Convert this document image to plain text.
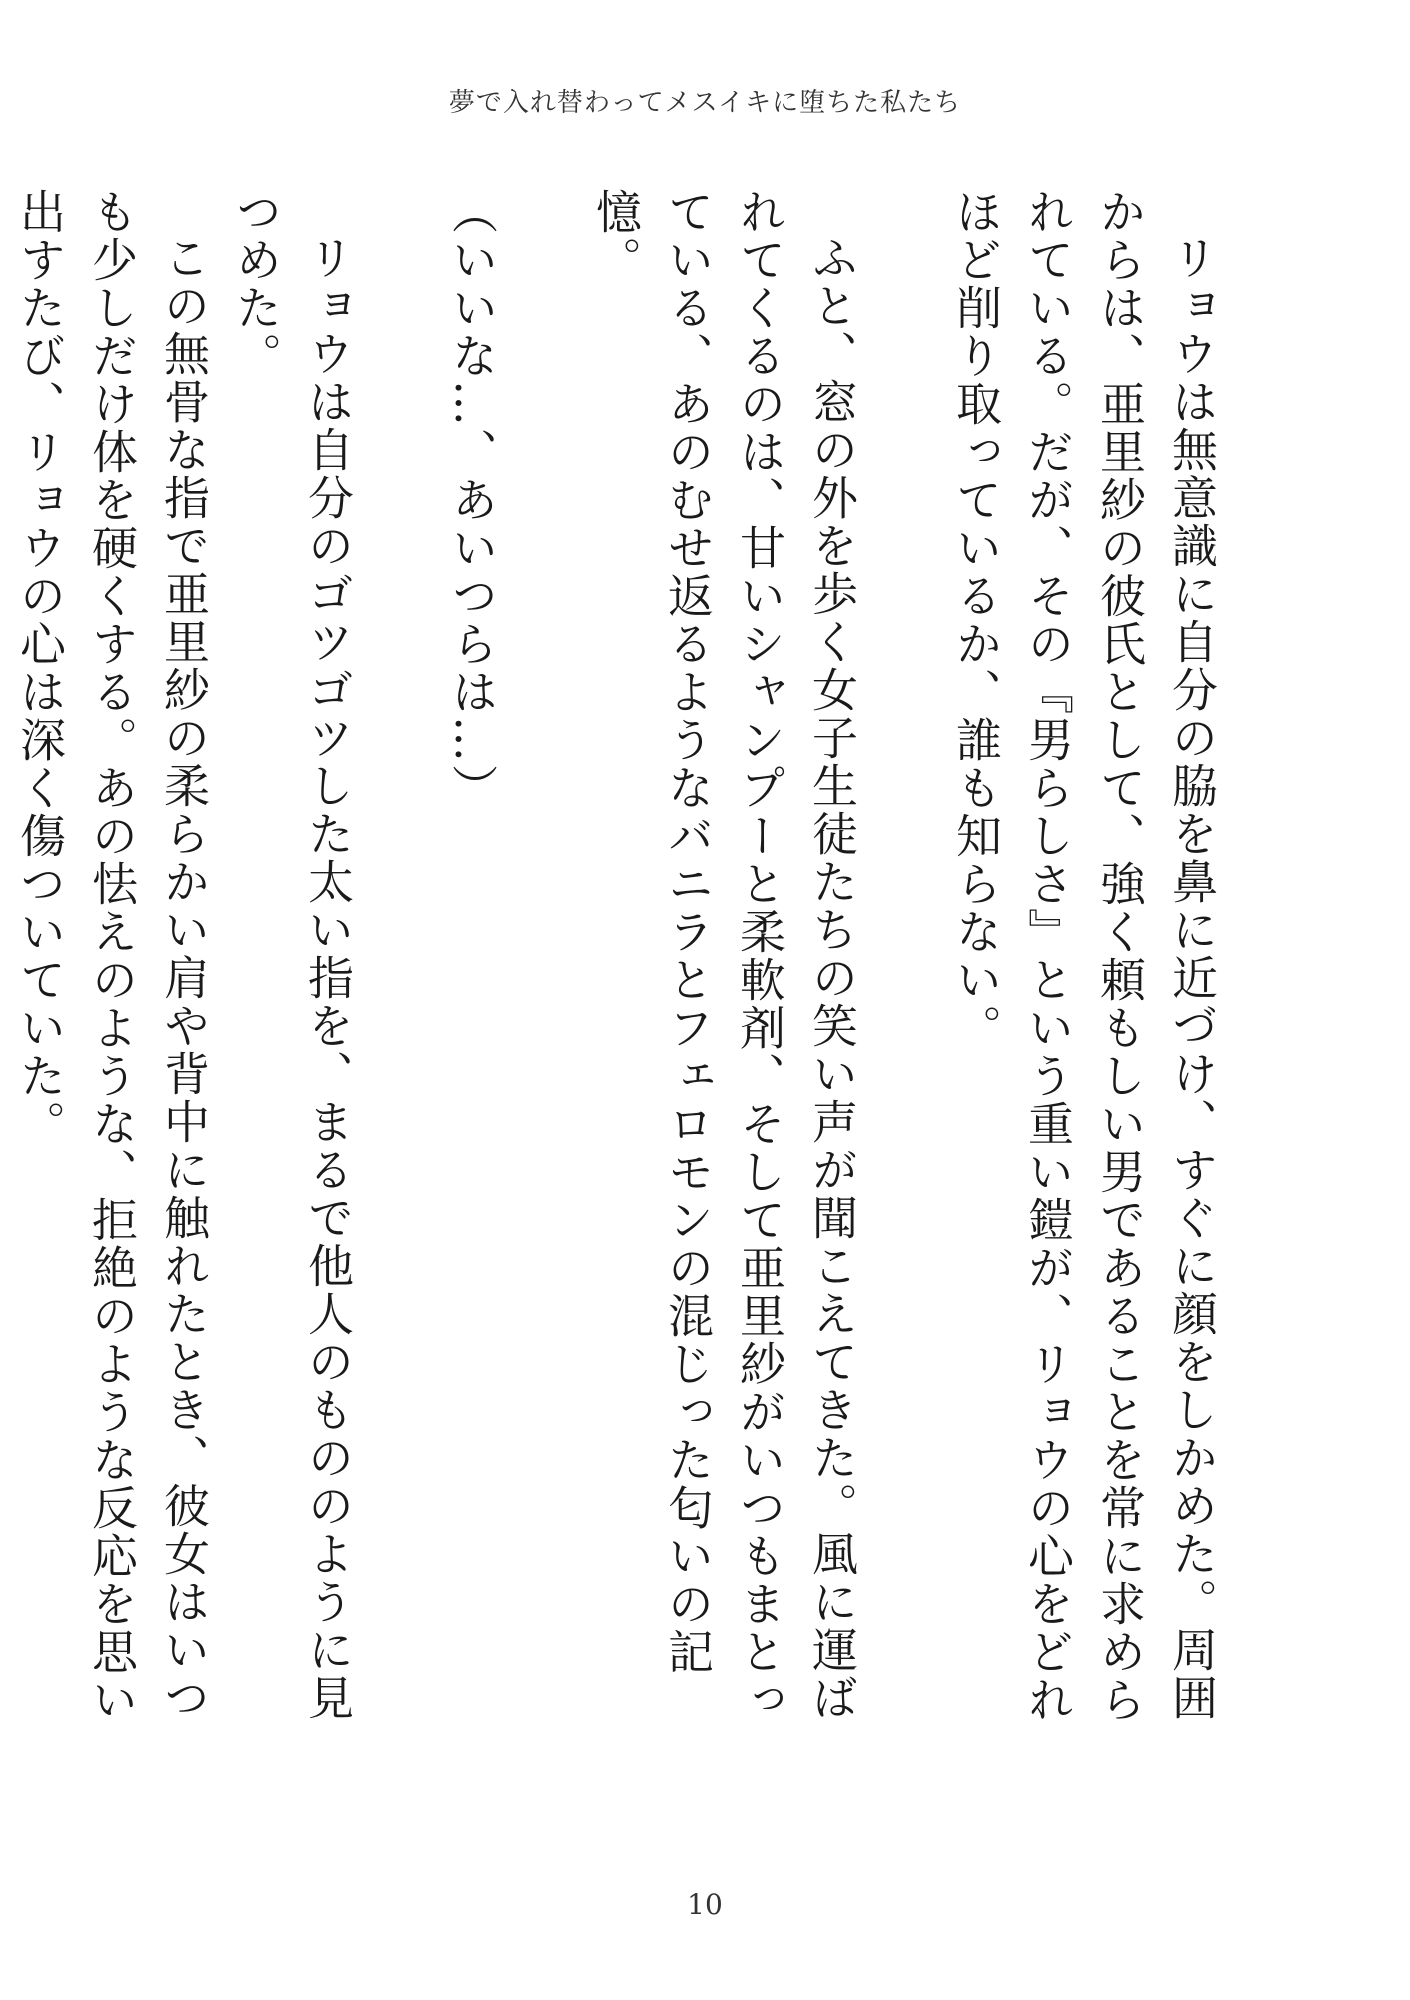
夢で入れ替わってメスイキに堕ちた私たち

リョウは無意識に自分の脇を鼻に近づけ、すぐに顔をしかめた。周囲からは、亜里紗の彼氏として、強く頼もしい男であることを常に求められている。だが、その『男らしさ』という重い鎧が、リョウの心をどれほど削り取っているか、誰も知らない。

ふと、窓の外を歩く女子生徒たちの笑い声が聞こえてきた。風に運ばれてくるのは、甘いシャンプーと柔軟剤、そして亜里紗がいつもまとっている、あのむせ返るようなバニラとフェロモンの混じった匂いの記憶。

（いいな…、あいつらは…）

リョウは自分のゴツゴツした太い指を、まるで他人のもののように見つめた。

この無骨な指で亜里紗の柔らかい肩や背中に触れたとき、彼女はいつも少しだけ体を硬くする。あの怯えのような、拒絶のような反応を思い出すたび、リョウの心は深く傷ついていた。

10
